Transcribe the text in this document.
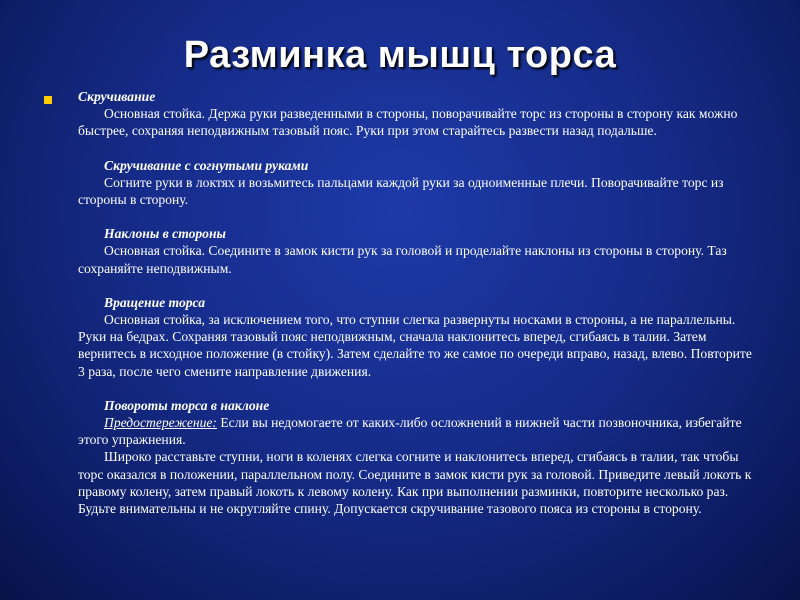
Разминка мышц торса
Скручивание
Основная стойка. Держа руки разведенными в стороны, поворачивайте торс из стороны в сторону как можно быстрее, сохраняя неподвижным тазовый пояс. Руки при этом старайтесь развести назад подальше.
Скручивание с согнутыми руками
Согните руки в локтях и возьмитесь пальцами каждой руки за одноименные плечи. Поворачивайте торс из стороны в сторону.
Наклоны в стороны
Основная стойка. Соедините в замок кисти рук за головой и проделайте наклоны из стороны в сторону. Таз сохраняйте неподвижным.
Вращение торса
Основная стойка, за исключением того, что ступни слегка развернуты носками в стороны, а не параллельны. Руки на бедрах. Сохраняя тазовый пояс неподвижным, сначала наклонитесь вперед, сгибаясь в талии. Затем вернитесь в исходное положение (в стойку). Затем сделайте то же самое по очереди вправо, назад, влево. Повторите 3 раза, после чего смените направление движения.
Повороты торса в наклоне
Предостережение: Если вы недомогаете от каких-либо осложнений в нижней части позвоночника, избегайте этого упражнения.
Широко расставьте ступни, ноги в коленях слегка согните и наклонитесь вперед, сгибаясь в талии, так чтобы торс оказался в положении, параллельном полу. Соедините в замок кисти рук за головой. Приведите левый локоть к правому колену, затем правый локоть к левому колену. Как при выполнении разминки, повторите несколько раз. Будьте внимательны и не округляйте спину. Допускается скручивание тазового пояса из стороны в сторону.
